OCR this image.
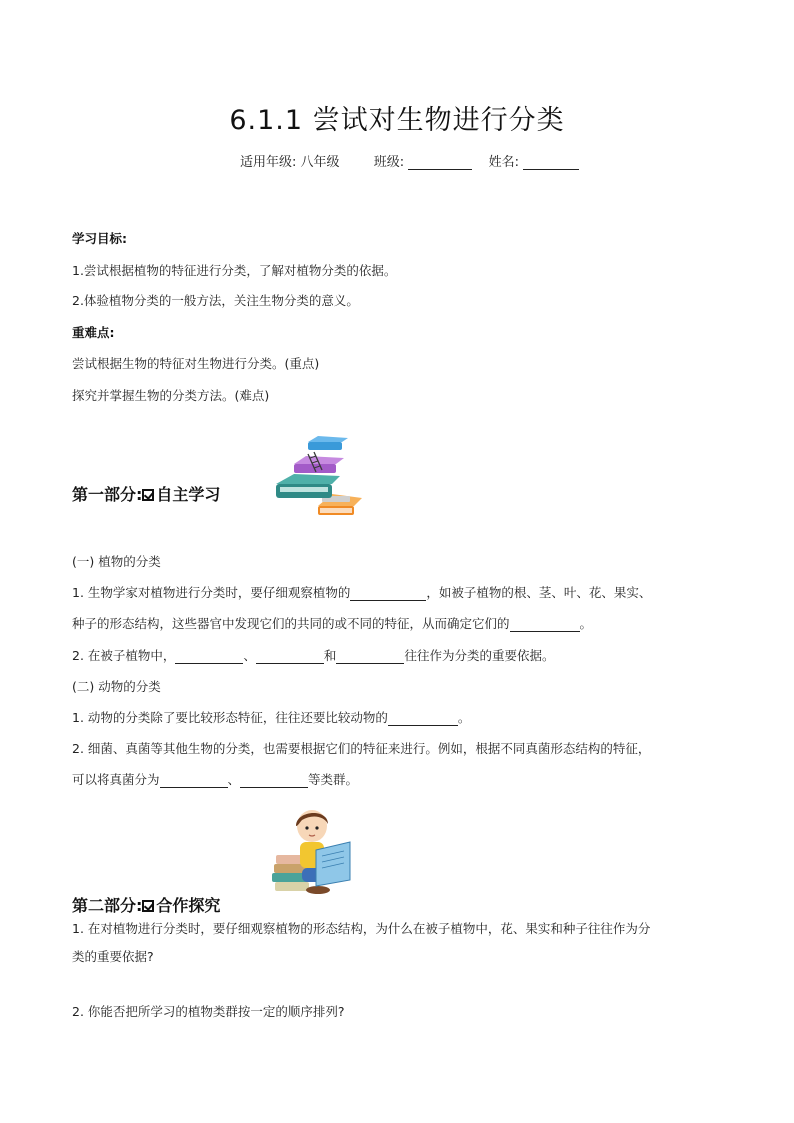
6.1.1 尝试对生物进行分类
适用年级: 八年级	班级:	姓名:
学习目标:
1.尝试根据植物的特征进行分类，了解对植物分类的依据。
2.体验植物分类的一般方法，关注生物分类的意义。
重难点:
尝试根据生物的特征对生物进行分类。(重点)
探究并掌握生物的分类方法。(难点)
第一部分: 自主学习
(一) 植物的分类
1. 生物学家对植物进行分类时，要仔细观察植物的	，如被子植物的根、茎、叶、花、果实、
种子的形态结构，这些器官中发现它们的共同的或不同的特征，从而确定它们的	。
2. 在被子植物中，	、	和	往往作为分类的重要依据。
(二) 动物的分类
1. 动物的分类除了要比较形态特征，往往还要比较动物的	。
2. 细菌、真菌等其他生物的分类，也需要根据它们的特征来进行。例如，根据不同真菌形态结构的特征，
可以将真菌分为	、	等类群。
第二部分: 合作探究
1. 在对植物进行分类时，要仔细观察植物的形态结构，为什么在被子植物中，花、果实和种子往往作为分
类的重要依据?
2. 你能否把所学习的植物类群按一定的顺序排列?
